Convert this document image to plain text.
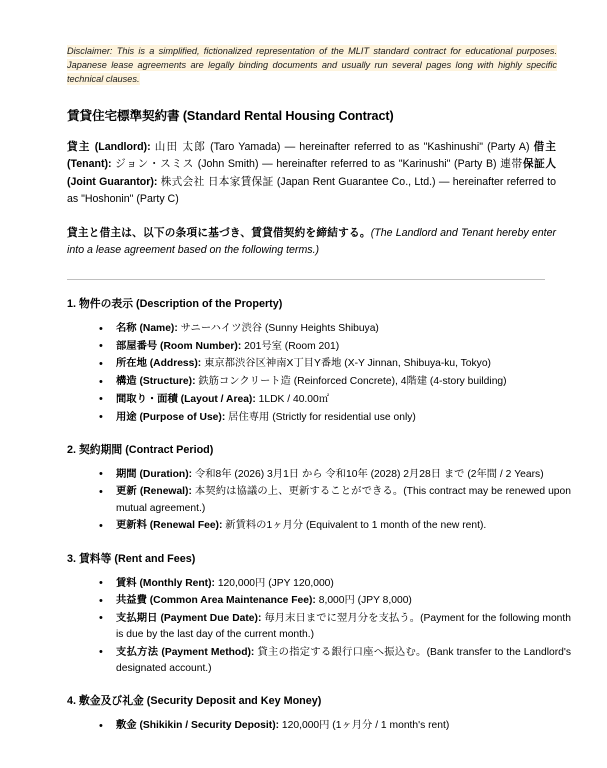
Disclaimer: This is a simplified, fictionalized representation of the MLIT standard contract for educational purposes. Japanese lease agreements are legally binding documents and usually run several pages long with highly specific technical clauses.

賃貸住宅標準契約書 (Standard Rental Housing Contract)

貸主 (Landlord): 山田 太郎 (Taro Yamada) — hereinafter referred to as "Kashinushi" (Party A) 借主 (Tenant): ジョン・スミス (John Smith) — hereinafter referred to as "Karinushi" (Party B) 連帯保証人 (Joint Guarantor): 株式会社 日本家賃保証 (Japan Rent Guarantee Co., Ltd.) — hereinafter referred to as "Hoshonin" (Party C)

貸主と借主は、以下の条項に基づき、賃貸借契約を締結する。(The Landlord and Tenant hereby enter into a lease agreement based on the following terms.)

1. 物件の表示 (Description of the Property)
• 名称 (Name): サニーハイツ渋谷 (Sunny Heights Shibuya)
• 部屋番号 (Room Number): 201号室 (Room 201)
• 所在地 (Address): 東京都渋谷区神南X丁目Y番地 (X-Y Jinnan, Shibuya-ku, Tokyo)
• 構造 (Structure): 鉄筋コンクリート造 (Reinforced Concrete), 4階建 (4-story building)
• 間取り・面積 (Layout / Area): 1LDK / 40.00㎡
• 用途 (Purpose of Use): 居住専用 (Strictly for residential use only)
2. 契約期間 (Contract Period)
• 期間 (Duration): 令和8年 (2026) 3月1日 から 令和10年 (2028) 2月28日 まで (2年間 / 2 Years)
• 更新 (Renewal): 本契約は協議の上、更新することができる。(This contract may be renewed upon mutual agreement.)
• 更新料 (Renewal Fee): 新賃料の1ヶ月分 (Equivalent to 1 month of the new rent).
3. 賃料等 (Rent and Fees)
• 賃料 (Monthly Rent): 120,000円 (JPY 120,000)
• 共益費 (Common Area Maintenance Fee): 8,000円 (JPY 8,000)
• 支払期日 (Payment Due Date): 毎月末日までに翌月分を支払う。(Payment for the following month is due by the last day of the current month.)
• 支払方法 (Payment Method): 貸主の指定する銀行口座へ振込む。(Bank transfer to the Landlord's designated account.)
4. 敷金及び礼金 (Security Deposit and Key Money)
• 敷金 (Shikikin / Security Deposit): 120,000円 (1ヶ月分 / 1 month's rent)
